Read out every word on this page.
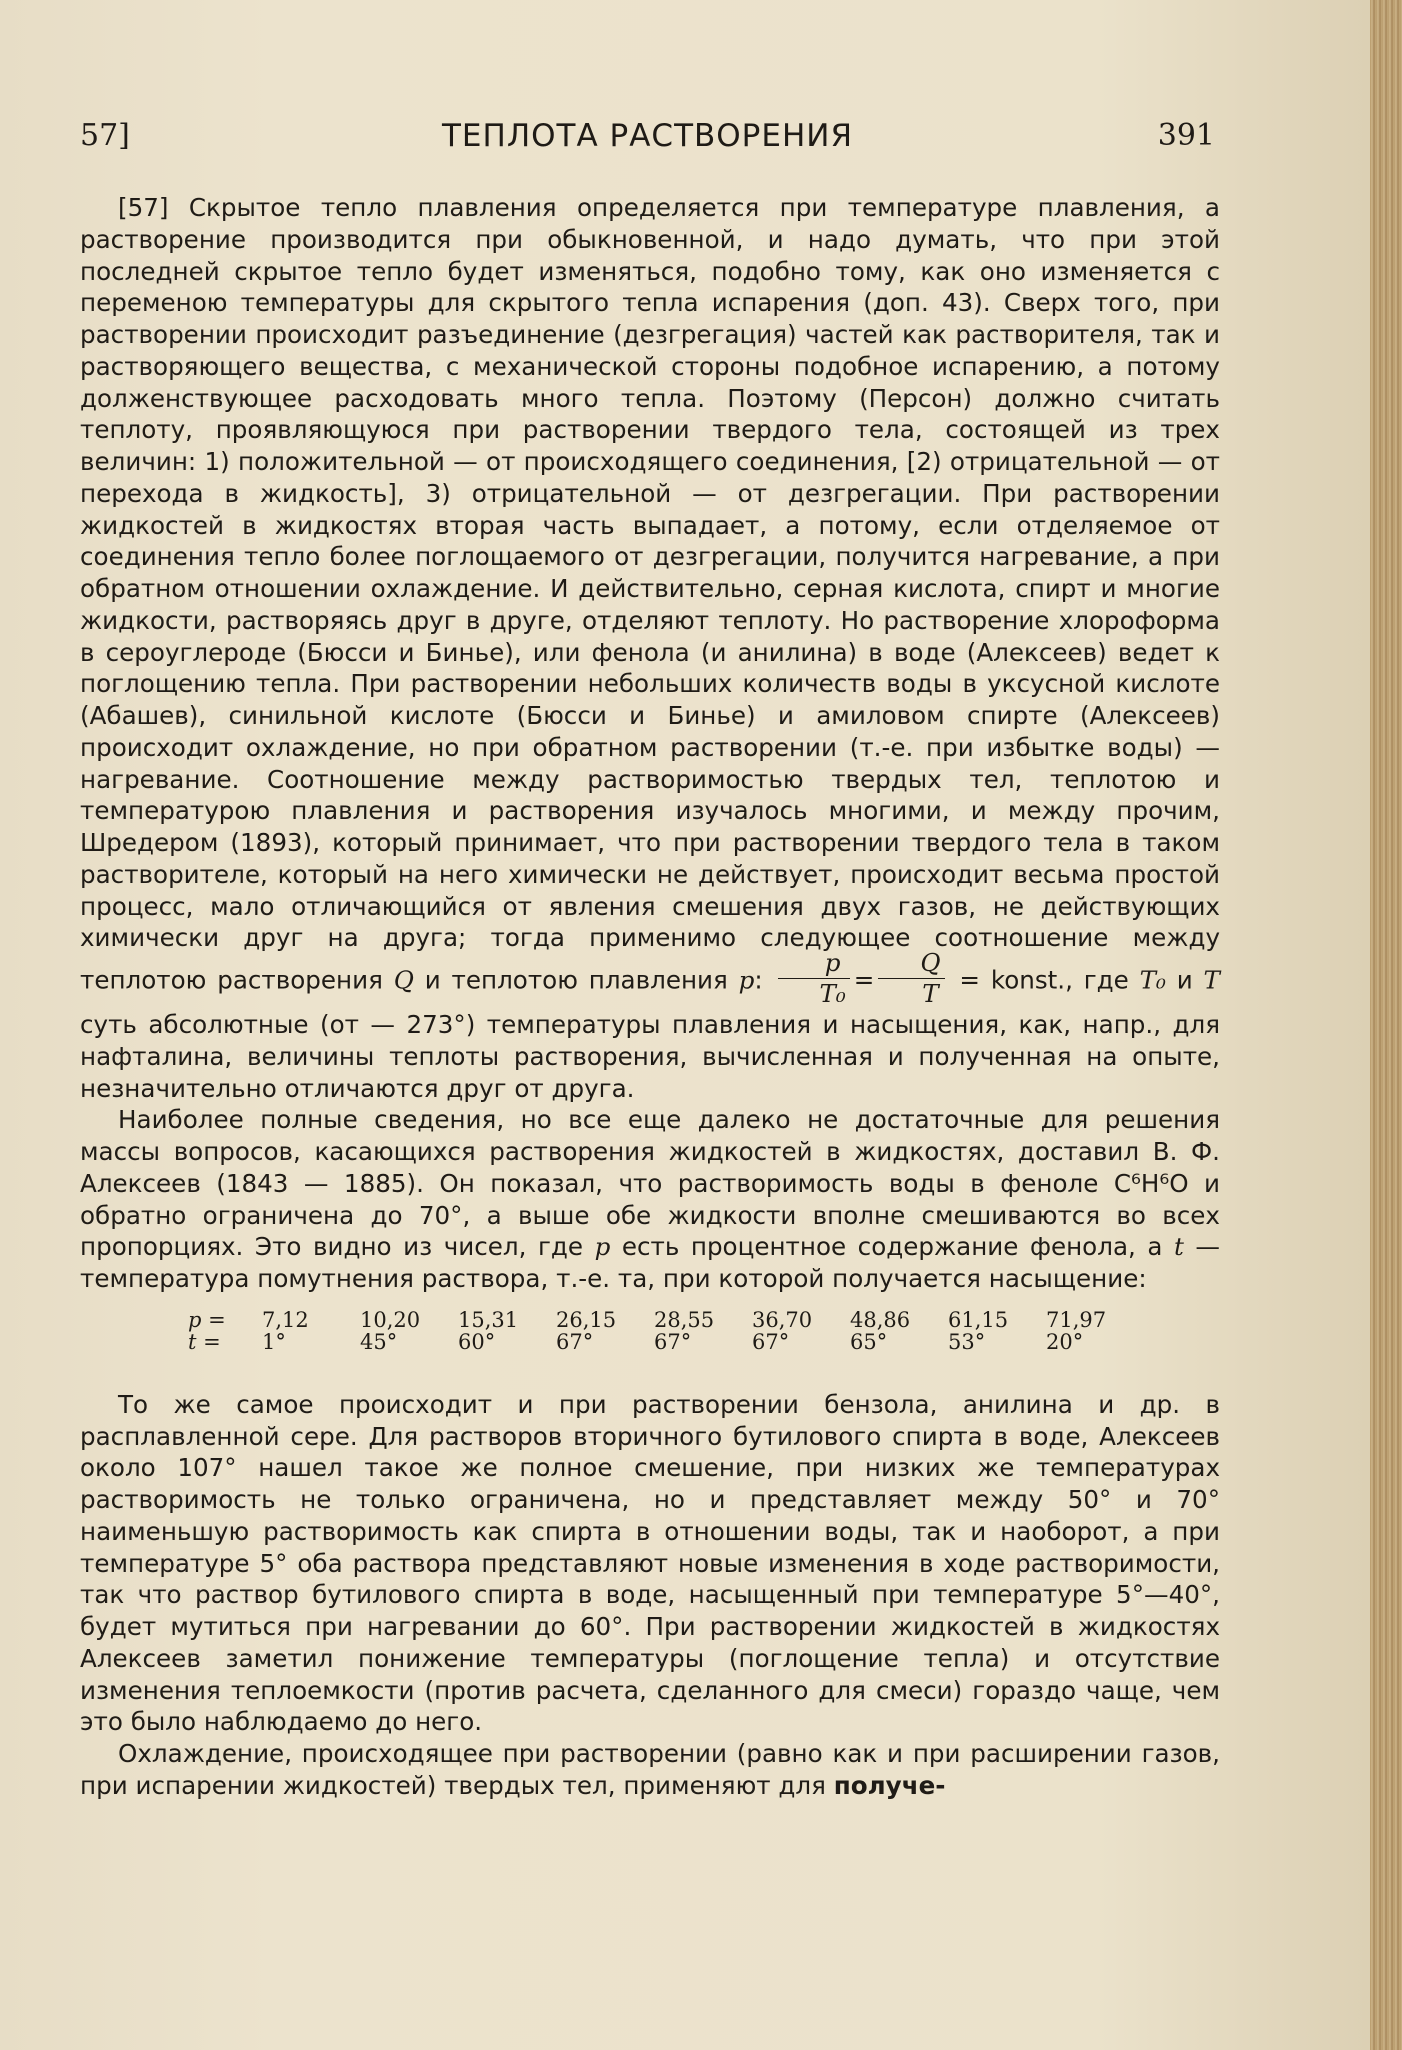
57]	ТЕПЛОТА РАСТВОРЕНИЯ	391

[57] Скрытое тепло плавления определяется при температуре плавления, а растворение производится при обыкновенной, и надо думать, что при этой последней скрытое тепло будет изменяться, подобно тому, как оно изменяется с переменою температуры для скрытого тепла испарения (доп. 43). Сверх того, при растворении происходит разъединение (дезгрегация) частей как растворителя, так и растворяющего вещества, с механической стороны подобное испарению, а потому долженствующее расходовать много тепла. Поэтому (Персон) должно считать теплоту, проявляющуюся при растворении твердого тела, состоящей из трех величин: 1) положительной — от происходящего соединения, [2) отрицательной — от перехода в жидкость], 3) отрицательной — от дезгрегации. При растворении жидкостей в жидкостях вторая часть выпадает, а потому, если отделяемое от соединения тепло более поглощаемого от дезгрегации, получится нагревание, а при обратном отношении охлаждение. И действительно, серная кислота, спирт и многие жидкости, растворяясь друг в друге, отделяют теплоту. Но растворение хлороформа в сероуглероде (Бюсси и Бинье), или фенола (и анилина) в воде (Алексеев) ведет к поглощению тепла. При растворении небольших количеств воды в уксусной кислоте (Абашев), синильной кислоте (Бюсси и Бинье) и амиловом спирте (Алексеев) происходит охлаждение, но при обратном растворении (т.-е. при избытке воды) — нагревание. Соотношение между растворимостью твердых тел, теплотою и температурою плавления и растворения изучалось многими, и между прочим, Шредером (1893), который принимает, что при растворении твердого тела в таком растворителе, который на него химически не действует, происходит весьма простой процесс, мало отличающийся от явления смешения двух газов, не действующих химически друг на друга; тогда применимо следующее соотношение между теплотою растворения Q и теплотою плавления p: $\frac{p}{\text{T₀}} = \frac{Q}{T}$ = konst., где T₀ и T суть абсолютные (от — 273°) температуры плавления и насыщения, как, напр., для нафталина, величины теплоты растворения, вычисленная и полученная на опыте, незначительно отличаются друг от друга.

Наиболее полные сведения, но все еще далеко не достаточные для решения массы вопросов, касающихся растворения жидкостей в жидкостях, доставил В. Ф. Алексеев (1843 — 1885). Он показал, что растворимость воды в феноле C⁶H⁶O и обратно ограничена до 70°, а выше обе жидкости вполне смешиваются во всех пропорциях. Это видно из чисел, где p есть процентное содержание фенола, а t — температура помутнения раствора, т.-е. та, при которой получается насыщение:

p =	7,12	10,20	15,31	26,15	28,55	36,70	48,86	61,15	71,97
t =	1°	45°	60°	67°	67°	67°	65°	53°	20°

То же самое происходит и при растворении бензола, анилина и др. в расплавленной сере. Для растворов вторичного бутилового спирта в воде, Алексеев около 107° нашел такое же полное смешение, при низких же температурах растворимость не только ограничена, но и представляет между 50° и 70° наименьшую растворимость как спирта в отношении воды, так и наоборот, а при температуре 5° оба раствора представляют новые изменения в ходе растворимости, так что раствор бутилового спирта в воде, насыщенный при температуре 5°—40°, будет мутиться при нагревании до 60°. При растворении жидкостей в жидкостях Алексеев заметил понижение температуры (поглощение тепла) и отсутствие изменения теплоемкости (против расчета, сделанного для смеси) гораздо чаще, чем это было наблюдаемо до него.

Охлаждение, происходящее при растворении (равно как и при расширении газов, при испарении жидкостей) твердых тел, применяют для получе-
